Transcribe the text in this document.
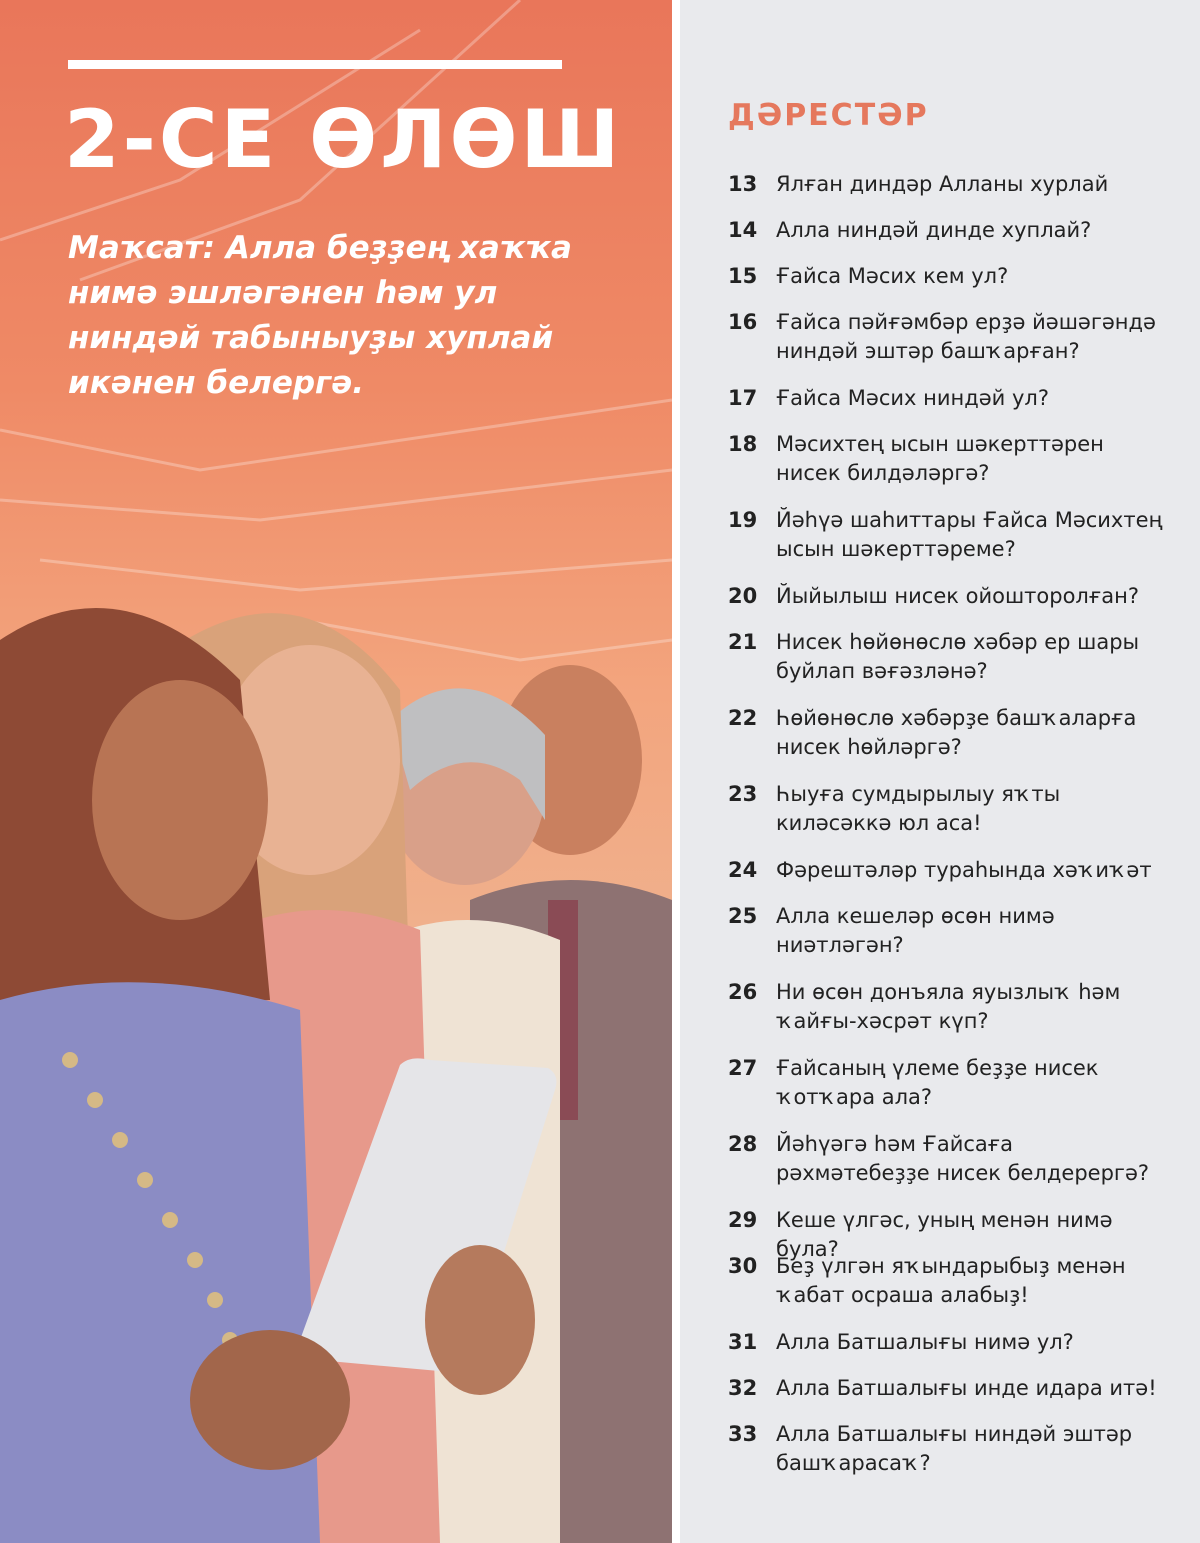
2-СЕ ӨЛӨШ
Маҡсат: Алла беҙҙең хаҡҡа нимә эшләгәнен һәм ул ниндәй табыныуҙы хуплай икәнен белергә.
ДӘРЕСТӘР
13 Ялған диндәр Алланы хурлай
14 Алла ниндәй динде хуплай?
15 Ғайса Мәсих кем ул?
16 Ғайса пәйғәмбәр ерҙә йәшәгәндә ниндәй эштәр башҡарған?
17 Ғайса Мәсих ниндәй ул?
18 Мәсихтең ысын шәкерттәрен нисек билдәләргә?
19 Йәһүә шаһиттары Ғайса Мәсихтең ысын шәкерттәреме?
20 Йыйылыш нисек ойошторолған?
21 Нисек һөйөнөслө хәбәр ер шары буйлап вәғәзләнә?
22 Һөйөнөслө хәбәрҙе башҡаларға нисек һөйләргә?
23 Һыуға сумдырылыу яҡты киләсәккә юл аса!
24 Фәрештәләр тураһында хәҡиҡәт
25 Алла кешеләр өсөн нимә ниәтләгән?
26 Ни өсөн донъяла яуызлыҡ һәм ҡайғы-хәсрәт күп?
27 Ғайсаның үлеме беҙҙе нисек ҡотҡара ала?
28 Йәһүәгә һәм Ғайсаға рәхмәтебеҙҙе нисек белдерергә?
29 Кеше үлгәс, уның менән нимә була?
30 Беҙ үлгән яҡындарыбыҙ менән ҡабат осраша алабыҙ!
31 Алла Батшалығы нимә ул?
32 Алла Батшалығы инде идара итә!
33 Алла Батшалығы ниндәй эштәр башҡарасаҡ?
